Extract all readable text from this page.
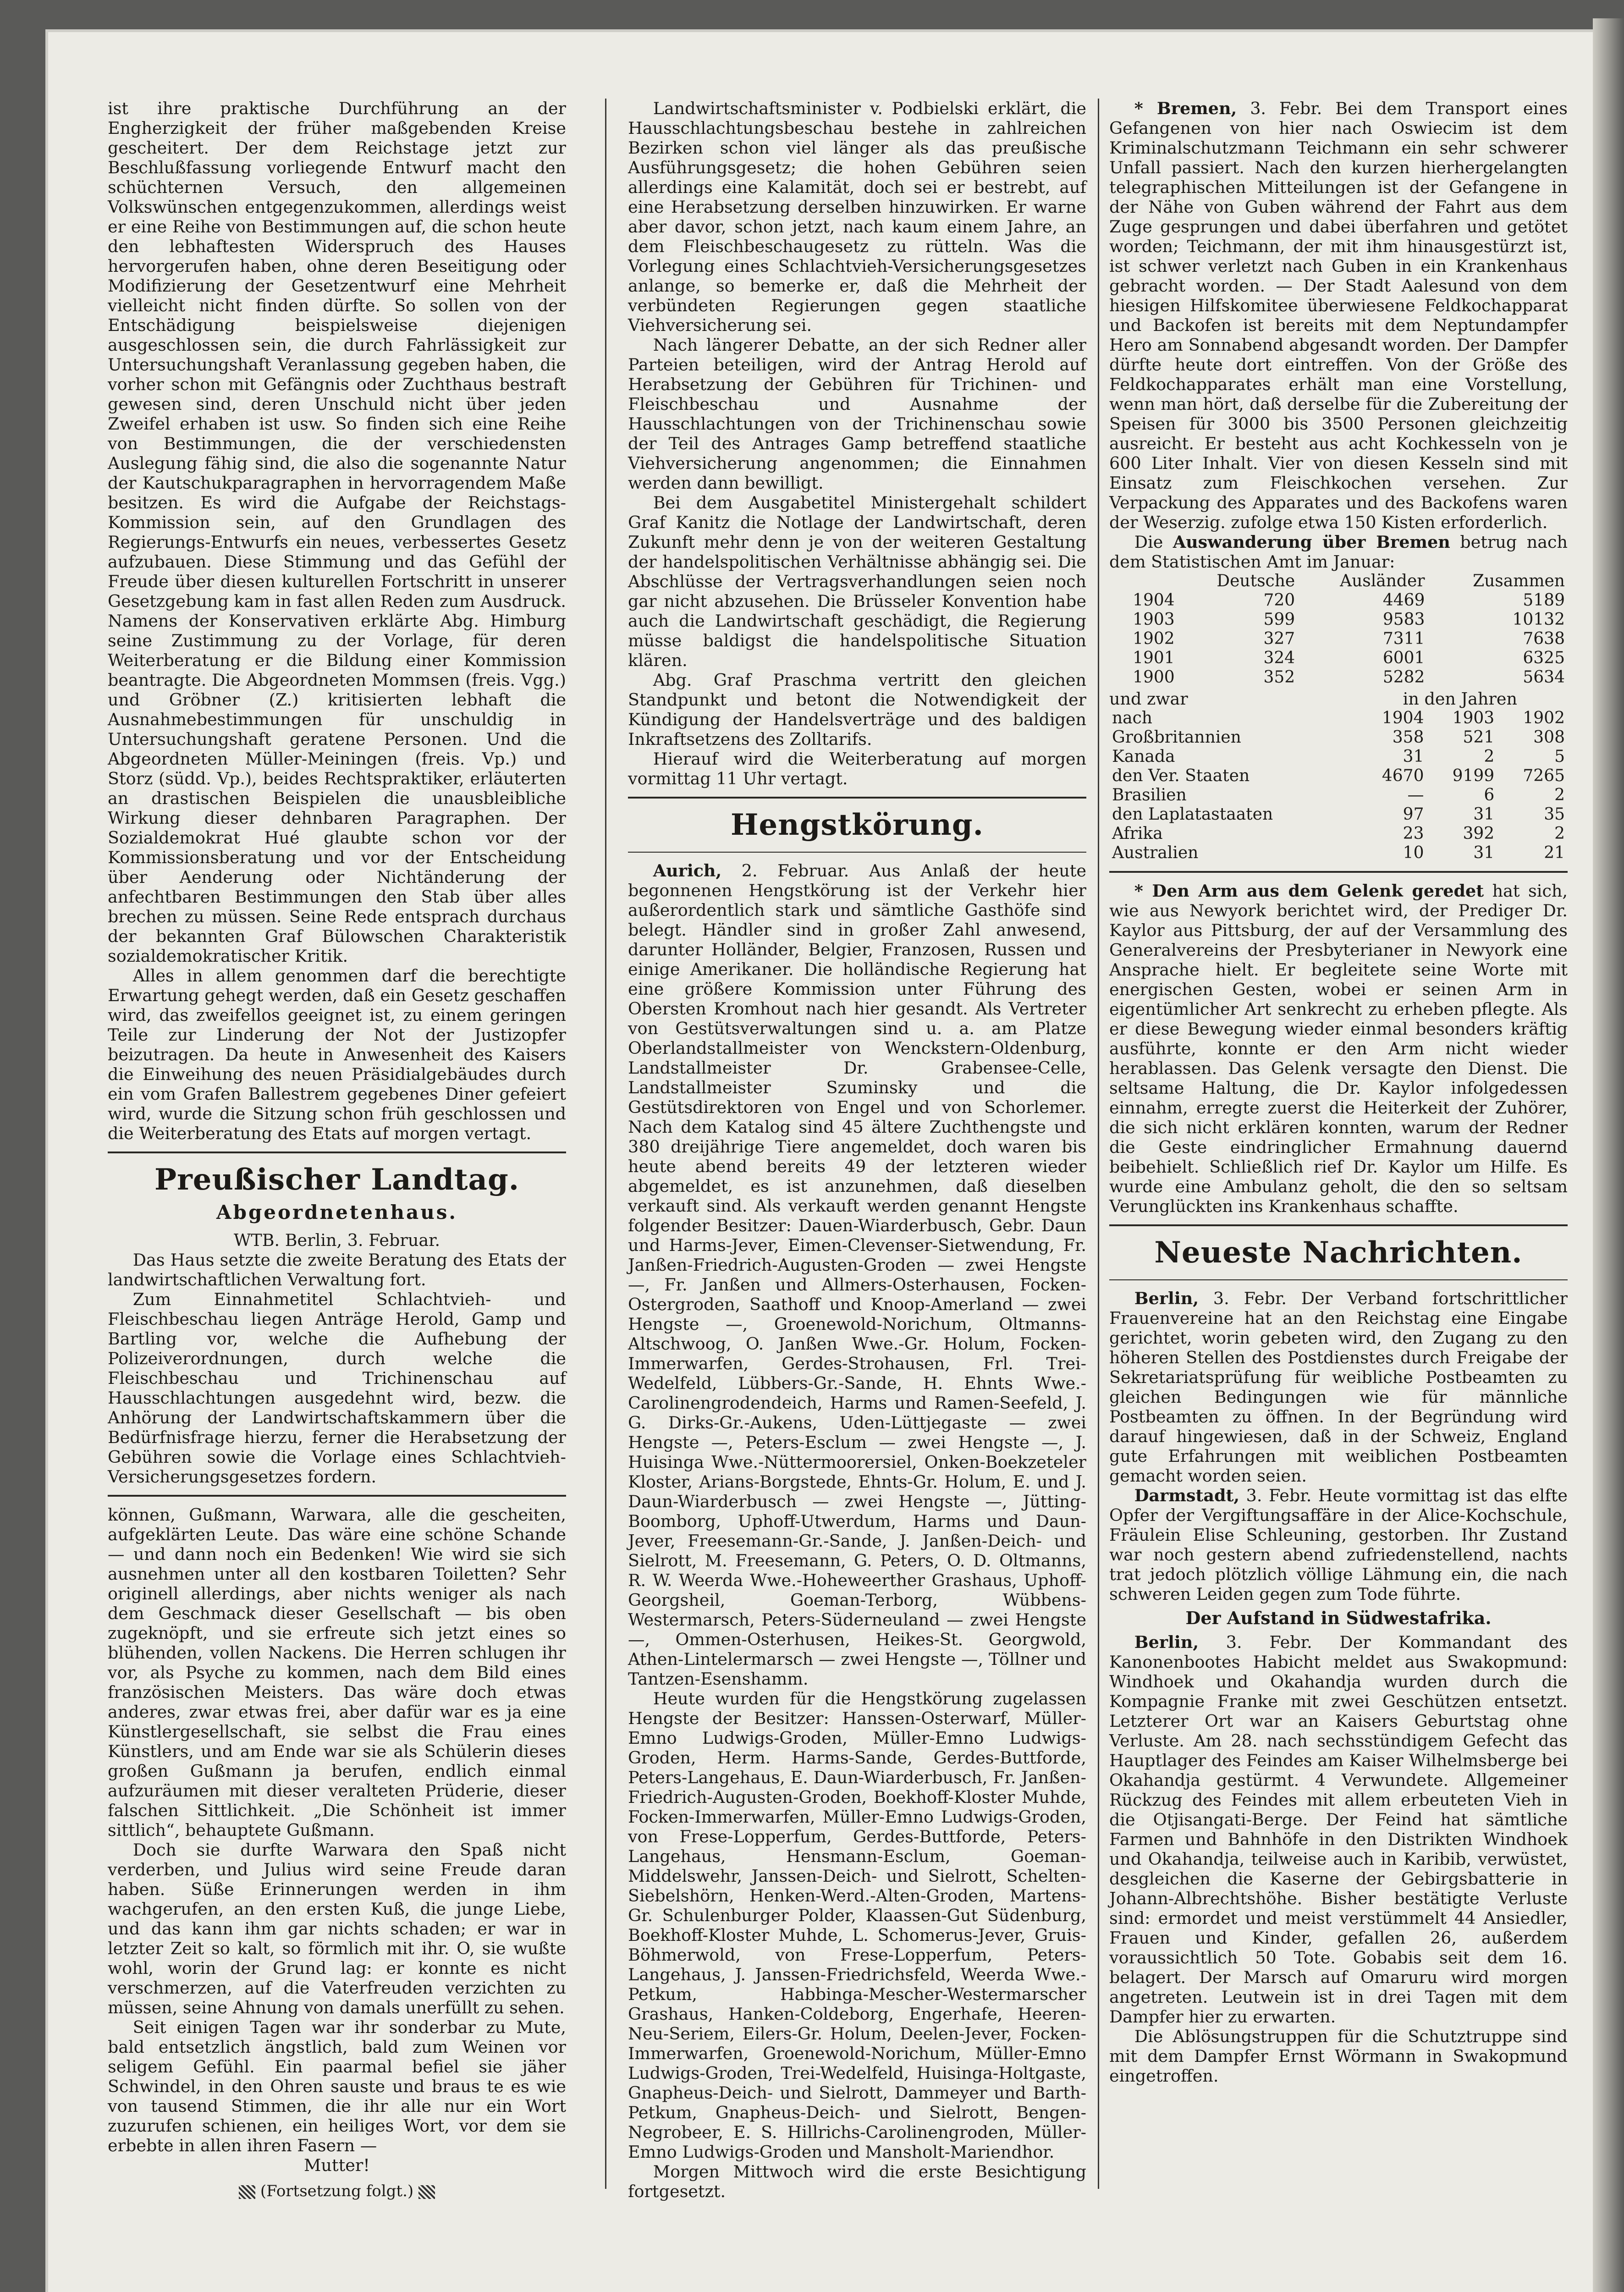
ist ihre praktische Durchführung an der Engherzigkeit der früher maßgebenden Kreise gescheitert. Der dem Reichstage jetzt zur Beschlußfassung vorliegende Entwurf macht den schüchternen Versuch, den allgemeinen Volkswünschen entgegenzukommen, allerdings weist er eine Reihe von Bestimmungen auf, die schon heute den lebhaftesten Widerspruch des Hauses hervorgerufen haben, ohne deren Beseitigung oder Modifizierung der Gesetzentwurf eine Mehrheit vielleicht nicht finden dürfte. So sollen von der Entschädigung beispielsweise diejenigen ausgeschlossen sein, die durch Fahrlässigkeit zur Untersuchungshaft Veranlassung gegeben haben, die vorher schon mit Gefängnis oder Zuchthaus bestraft gewesen sind, deren Unschuld nicht über jeden Zweifel erhaben ist usw. So finden sich eine Reihe von Bestimmungen, die der verschiedensten Auslegung fähig sind, die also die sogenannte Natur der Kautschukparagraphen in hervorragendem Maße besitzen. Es wird die Aufgabe der Reichstags-Kommission sein, auf den Grundlagen des Regierungs-Entwurfs ein neues, verbessertes Gesetz aufzubauen. Diese Stimmung und das Gefühl der Freude über diesen kulturellen Fortschritt in unserer Gesetzgebung kam in fast allen Reden zum Ausdruck. Namens der Konservativen erklärte Abg. Himburg seine Zustimmung zu der Vorlage, für deren Weiterberatung er die Bildung einer Kommission beantragte. Die Abgeordneten Mommsen (freis. Vgg.) und Gröbner (Z.) kritisierten lebhaft die Ausnahmebestimmungen für unschuldig in Untersuchungshaft geratene Personen. Und die Abgeordneten Müller-Meiningen (freis. Vp.) und Storz (südd. Vp.), beides Rechtspraktiker, erläuterten an drastischen Beispielen die unausbleibliche Wirkung dieser dehnbaren Paragraphen. Der Sozialdemokrat Hué glaubte schon vor der Kommissionsberatung und vor der Entscheidung über Aenderung oder Nichtänderung der anfechtbaren Bestimmungen den Stab über alles brechen zu müssen. Seine Rede entsprach durchaus der bekannten Graf Bülowschen Charakteristik sozialdemokratischer Kritik.

Alles in allem genommen darf die berechtigte Erwartung gehegt werden, daß ein Gesetz geschaffen wird, das zweifellos geeignet ist, zu einem geringen Teile zur Linderung der Not der Justizopfer beizutragen. Da heute in Anwesenheit des Kaisers die Einweihung des neuen Präsidialgebäudes durch ein vom Grafen Ballestrem gegebenes Diner gefeiert wird, wurde die Sitzung schon früh geschlossen und die Weiterberatung des Etats auf morgen vertagt.

Preußischer Landtag.
Abgeordnetenhaus.

WTB. Berlin, 3. Februar.

Das Haus setzte die zweite Beratung des Etats der landwirtschaftlichen Verwaltung fort.

Zum Einnahmetitel Schlachtvieh- und Fleischbeschau liegen Anträge Herold, Gamp und Bartling vor, welche die Aufhebung der Polizeiverordnungen, durch welche die Fleischbeschau und Trichinenschau auf Hausschlachtungen ausgedehnt wird, bezw. die Anhörung der Landwirtschaftskammern über die Bedürfnisfrage hierzu, ferner die Herabsetzung der Gebühren sowie die Vorlage eines Schlachtvieh-Versicherungsgesetzes fordern.

können, Gußmann, Warwara, alle die gescheiten, aufgeklärten Leute. Das wäre eine schöne Schande — und dann noch ein Bedenken! Wie wird sie sich ausnehmen unter all den kostbaren Toiletten? Sehr originell allerdings, aber nichts weniger als nach dem Geschmack dieser Gesellschaft — bis oben zugeknöpft, und sie erfreute sich jetzt eines so blühenden, vollen Nackens. Die Herren schlugen ihr vor, als Psyche zu kommen, nach dem Bild eines französischen Meisters. Das wäre doch etwas anderes, zwar etwas frei, aber dafür war es ja eine Künstlergesellschaft, sie selbst die Frau eines Künstlers, und am Ende war sie als Schülerin dieses großen Gußmann ja berufen, endlich einmal aufzuräumen mit dieser veralteten Prüderie, dieser falschen Sittlichkeit. „Die Schönheit ist immer sittlich“, behauptete Gußmann.

Doch sie durfte Warwara den Spaß nicht verderben, und Julius wird seine Freude daran haben. Süße Erinnerungen werden in ihm wachgerufen, an den ersten Kuß, die junge Liebe, und das kann ihm gar nichts schaden; er war in letzter Zeit so kalt, so förmlich mit ihr. O, sie wußte wohl, worin der Grund lag: er konnte es nicht verschmerzen, auf die Vaterfreuden verzichten zu müssen, seine Ahnung von damals unerfüllt zu sehen.

Seit einigen Tagen war ihr sonderbar zu Mute, bald entsetzlich ängstlich, bald zum Weinen vor seligem Gefühl. Ein paarmal befiel sie jäher Schwindel, in den Ohren sauste und braus te es wie von tausend Stimmen, die ihr alle nur ein Wort zuzurufen schienen, ein heiliges Wort, vor dem sie erbebte in allen ihren Fasern —

Mutter!

(Fortsetzung folgt.)

Landwirtschaftsminister v. Podbielski erklärt, die Hausschlachtungsbeschau bestehe in zahlreichen Bezirken schon viel länger als das preußische Ausführungsgesetz; die hohen Gebühren seien allerdings eine Kalamität, doch sei er bestrebt, auf eine Herabsetzung derselben hinzuwirken. Er warne aber davor, schon jetzt, nach kaum einem Jahre, an dem Fleischbeschaugesetz zu rütteln. Was die Vorlegung eines Schlachtvieh-Versicherungsgesetzes anlange, so bemerke er, daß die Mehrheit der verbündeten Regierungen gegen staatliche Viehversicherung sei.

Nach längerer Debatte, an der sich Redner aller Parteien beteiligen, wird der Antrag Herold auf Herabsetzung der Gebühren für Trichinen- und Fleischbeschau und Ausnahme der Hausschlachtungen von der Trichinenschau sowie der Teil des Antrages Gamp betreffend staatliche Viehversicherung angenommen; die Einnahmen werden dann bewilligt.

Bei dem Ausgabetitel Ministergehalt schildert Graf Kanitz die Notlage der Landwirtschaft, deren Zukunft mehr denn je von der weiteren Gestaltung der handelspolitischen Verhältnisse abhängig sei. Die Abschlüsse der Vertragsverhandlungen seien noch gar nicht abzusehen. Die Brüsseler Konvention habe auch die Landwirtschaft geschädigt, die Regierung müsse baldigst die handelspolitische Situation klären.

Abg. Graf Praschma vertritt den gleichen Standpunkt und betont die Notwendigkeit der Kündigung der Handelsverträge und des baldigen Inkraftsetzens des Zolltarifs.

Hierauf wird die Weiterberatung auf morgen vormittag 11 Uhr vertagt.

Hengstkörung.

Aurich, 2. Februar. Aus Anlaß der heute begonnenen Hengstkörung ist der Verkehr hier außerordentlich stark und sämtliche Gasthöfe sind belegt. Händler sind in großer Zahl anwesend, darunter Holländer, Belgier, Franzosen, Russen und einige Amerikaner. Die holländische Regierung hat eine größere Kommission unter Führung des Obersten Kromhout nach hier gesandt. Als Vertreter von Gestütsverwaltungen sind u. a. am Platze Oberlandstallmeister von Wenckstern-Oldenburg, Landstallmeister Dr. Grabensee-Celle, Landstallmeister Szuminsky und die Gestütsdirektoren von Engel und von Schorlemer. Nach dem Katalog sind 45 ältere Zuchthengste und 380 dreijährige Tiere angemeldet, doch waren bis heute abend bereits 49 der letzteren wieder abgemeldet, es ist anzunehmen, daß dieselben verkauft sind. Als verkauft werden genannt Hengste folgender Besitzer: Dauen-Wiarderbusch, Gebr. Daun und Harms-Jever, Eimen-Clevenser-Sietwendung, Fr. Janßen-Friedrich-Augusten-Groden — zwei Hengste —, Fr. Janßen und Allmers-Osterhausen, Focken-Ostergroden, Saathoff und Knoop-Amerland — zwei Hengste —, Groenewold-Norichum, Oltmanns-Altschwoog, O. Janßen Wwe.-Gr. Holum, Focken-Immerwarfen, Gerdes-Strohausen, Frl. Trei-Wedelfeld, Lübbers-Gr.-Sande, H. Ehnts Wwe.-Carolinengrodendeich, Harms und Ramen-Seefeld, J. G. Dirks-Gr.-Aukens, Uden-Lüttjegaste — zwei Hengste —, Peters-Esclum — zwei Hengste —, J. Huisinga Wwe.-Nüttermoorersiel, Onken-Boekzeteler Kloster, Arians-Borgstede, Ehnts-Gr. Holum, E. und J. Daun-Wiarderbusch — zwei Hengste —, Jütting-Boomborg, Uphoff-Utwerdum, Harms und Daun-Jever, Freesemann-Gr.-Sande, J. Janßen-Deich- und Sielrott, M. Freesemann, G. Peters, O. D. Oltmanns, R. W. Weerda Wwe.-Hoheweerther Grashaus, Uphoff-Georgsheil, Goeman-Terborg, Wübbens-Westermarsch, Peters-Süderneuland — zwei Hengste —, Ommen-Osterhusen, Heikes-St. Georgwold, Athen-Lintelermarsch — zwei Hengste —, Töllner und Tantzen-Esenshamm.

Heute wurden für die Hengstkörung zugelassen Hengste der Besitzer: Hanssen-Osterwarf, Müller-Emno Ludwigs-Groden, Müller-Emno Ludwigs-Groden, Herm. Harms-Sande, Gerdes-Buttforde, Peters-Langehaus, E. Daun-Wiarderbusch, Fr. Janßen-Friedrich-Augusten-Groden, Boekhoff-Kloster Muhde, Focken-Immerwarfen, Müller-Emno Ludwigs-Groden, von Frese-Lopperfum, Gerdes-Buttforde, Peters-Langehaus, Hensmann-Esclum, Goeman-Middelswehr, Janssen-Deich- und Sielrott, Schelten-Siebelshörn, Henken-Werd.-Alten-Groden, Martens-Gr. Schulenburger Polder, Klaassen-Gut Südenburg, Boekhoff-Kloster Muhde, L. Schomerus-Jever, Gruis-Böhmerwold, von Frese-Lopperfum, Peters-Langehaus, J. Janssen-Friedrichsfeld, Weerda Wwe.-Petkum, Habbinga-Mescher-Westermarscher Grashaus, Hanken-Coldeborg, Engerhafe, Heeren-Neu-Seriem, Eilers-Gr. Holum, Deelen-Jever, Focken-Immerwarfen, Groenewold-Norichum, Müller-Emno Ludwigs-Groden, Trei-Wedelfeld, Huisinga-Holtgaste, Gnapheus-Deich- und Sielrott, Dammeyer und Barth-Petkum, Gnapheus-Deich- und Sielrott, Bengen-Negrobeer, E. S. Hillrichs-Carolinengroden, Müller-Emno Ludwigs-Groden und Mansholt-Mariendhor.

Morgen Mittwoch wird die erste Besichtigung fortgesetzt.

* Bremen, 3. Febr. Bei dem Transport eines Gefangenen von hier nach Oswiecim ist dem Kriminalschutzmann Teichmann ein sehr schwerer Unfall passiert. Nach den kurzen hierhergelangten telegraphischen Mitteilungen ist der Gefangene in der Nähe von Guben während der Fahrt aus dem Zuge gesprungen und dabei überfahren und getötet worden; Teichmann, der mit ihm hinausgestürzt ist, ist schwer verletzt nach Guben in ein Krankenhaus gebracht worden. — Der Stadt Aalesund von dem hiesigen Hilfskomitee überwiesene Feldkochapparat und Backofen ist bereits mit dem Neptundampfer Hero am Sonnabend abgesandt worden. Der Dampfer dürfte heute dort eintreffen. Von der Größe des Feldkochapparates erhält man eine Vorstellung, wenn man hört, daß derselbe für die Zubereitung der Speisen für 3000 bis 3500 Personen gleichzeitig ausreicht. Er besteht aus acht Kochkesseln von je 600 Liter Inhalt. Vier von diesen Kesseln sind mit Einsatz zum Fleischkochen versehen. Zur Verpackung des Apparates und des Backofens waren der Weserzig. zufolge etwa 150 Kisten erforderlich.

Die Auswanderung über Bremen betrug nach dem Statistischen Amt im Januar:

	Deutsche	Ausländer	Zusammen
1904	720	4469	5189
1903	599	9583	10132
1902	327	7311	7638
1901	324	6001	6325
1900	352	5282	5634
und zwar	in den Jahren
nach	1904	1903	1902
Großbritannien	358	521	308
Kanada	31	2	5
den Ver. Staaten	4670	9199	7265
Brasilien	—	6	2
den Laplatastaaten	97	31	35
Afrika	23	392	2
Australien	10	31	21

* Den Arm aus dem Gelenk geredet hat sich, wie aus Newyork berichtet wird, der Prediger Dr. Kaylor aus Pittsburg, der auf der Versammlung des Generalvereins der Presbyterianer in Newyork eine Ansprache hielt. Er begleitete seine Worte mit energischen Gesten, wobei er seinen Arm in eigentümlicher Art senkrecht zu erheben pflegte. Als er diese Bewegung wieder einmal besonders kräftig ausführte, konnte er den Arm nicht wieder herablassen. Das Gelenk versagte den Dienst. Die seltsame Haltung, die Dr. Kaylor infolgedessen einnahm, erregte zuerst die Heiterkeit der Zuhörer, die sich nicht erklären konnten, warum der Redner die Geste eindringlicher Ermahnung dauernd beibehielt. Schließlich rief Dr. Kaylor um Hilfe. Es wurde eine Ambulanz geholt, die den so seltsam Verunglückten ins Krankenhaus schaffte.

Neueste Nachrichten.

Berlin, 3. Febr. Der Verband fortschrittlicher Frauenvereine hat an den Reichstag eine Eingabe gerichtet, worin gebeten wird, den Zugang zu den höheren Stellen des Postdienstes durch Freigabe der Sekretariatsprüfung für weibliche Postbeamten zu gleichen Bedingungen wie für männliche Postbeamten zu öffnen. In der Begründung wird darauf hingewiesen, daß in der Schweiz, England gute Erfahrungen mit weiblichen Postbeamten gemacht worden seien.

Darmstadt, 3. Febr. Heute vormittag ist das elfte Opfer der Vergiftungsaffäre in der Alice-Kochschule, Fräulein Elise Schleuning, gestorben. Ihr Zustand war noch gestern abend zufriedenstellend, nachts trat jedoch plötzlich völlige Lähmung ein, die nach schweren Leiden gegen zum Tode führte.

Der Aufstand in Südwestafrika.

Berlin, 3. Febr. Der Kommandant des Kanonenbootes Habicht meldet aus Swakopmund: Windhoek und Okahandja wurden durch die Kompagnie Franke mit zwei Geschützen entsetzt. Letzterer Ort war an Kaisers Geburtstag ohne Verluste. Am 28. nach sechsstündigem Gefecht das Hauptlager des Feindes am Kaiser Wilhelmsberge bei Okahandja gestürmt. 4 Verwundete. Allgemeiner Rückzug des Feindes mit allem erbeuteten Vieh in die Otjisangati-Berge. Der Feind hat sämtliche Farmen und Bahnhöfe in den Distrikten Windhoek und Okahandja, teilweise auch in Karibib, verwüstet, desgleichen die Kaserne der Gebirgsbatterie in Johann-Albrechtshöhe. Bisher bestätigte Verluste sind: ermordet und meist verstümmelt 44 Ansiedler, Frauen und Kinder, gefallen 26, außerdem voraussichtlich 50 Tote. Gobabis seit dem 16. belagert. Der Marsch auf Omaruru wird morgen angetreten. Leutwein ist in drei Tagen mit dem Dampfer hier zu erwarten.

Die Ablösungstruppen für die Schutztruppe sind mit dem Dampfer Ernst Wörmann in Swakopmund eingetroffen.
